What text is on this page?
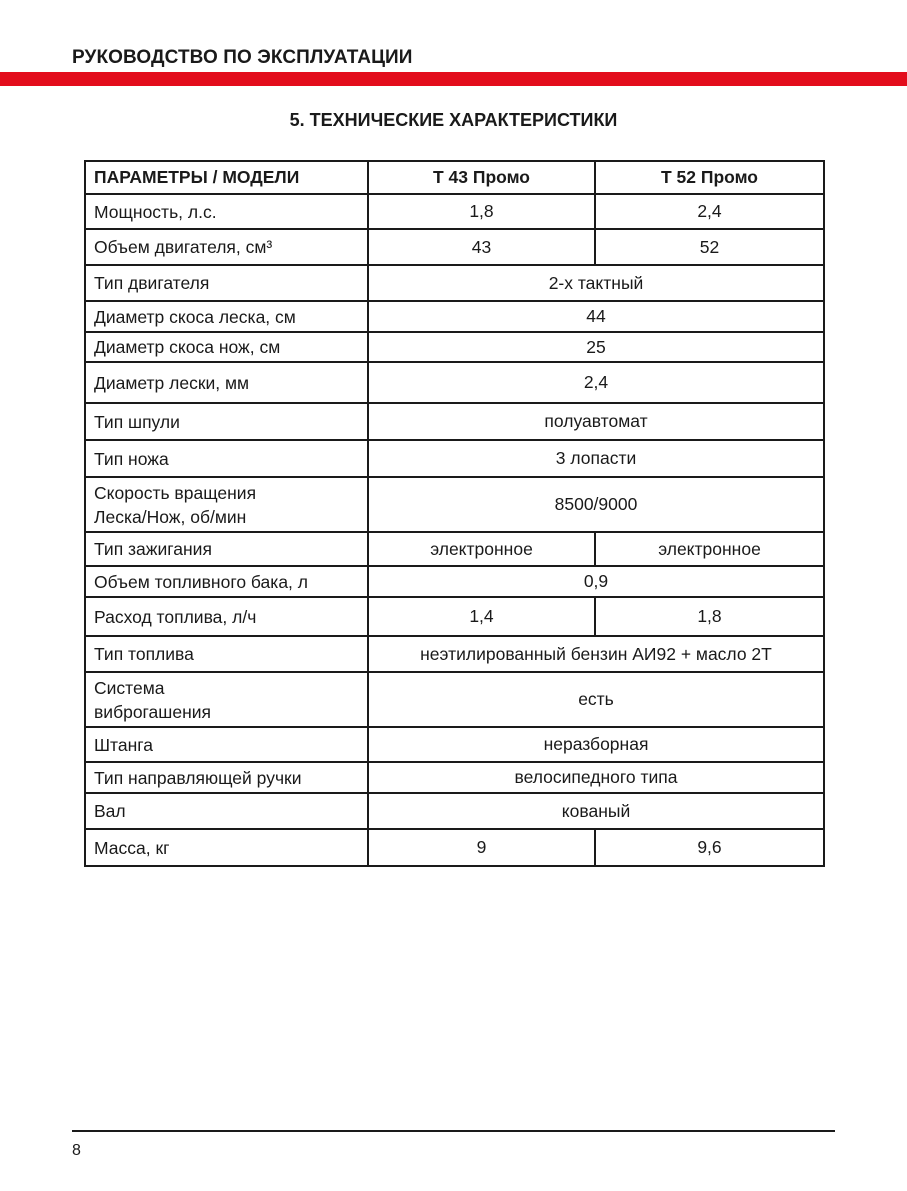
РУКОВОДСТВО ПО ЭКСПЛУАТАЦИИ
5. ТЕХНИЧЕСКИЕ ХАРАКТЕРИСТИКИ
ПАРАМЕТРЫ / МОДЕЛИ	Т 43 Промо	Т 52 Промо
Мощность, л.с.	1,8	2,4
Объем двигателя, см³	43	52
Тип двигателя	2-х тактный	
Диаметр скоса леска, см	44	
Диаметр скоса нож, см	25	
Диаметр лески, мм	2,4	
Тип шпули	полуавтомат	
Тип ножа	3 лопасти	

Скорость вращения
Леска/Нож, об/мин	8500/9000	
Тип зажигания	электронное	электронное
Объем топливного бака, л	0,9	
Расход топлива, л/ч	1,4	1,8
Тип топлива	неэтилированный бензин АИ92 + масло 2Т	

Система
виброгашения	есть	
Штанга	неразборная	
Тип направляющей ручки	велосипедного типа	
Вал	кованый	
Масса, кг	9	9,6
8
